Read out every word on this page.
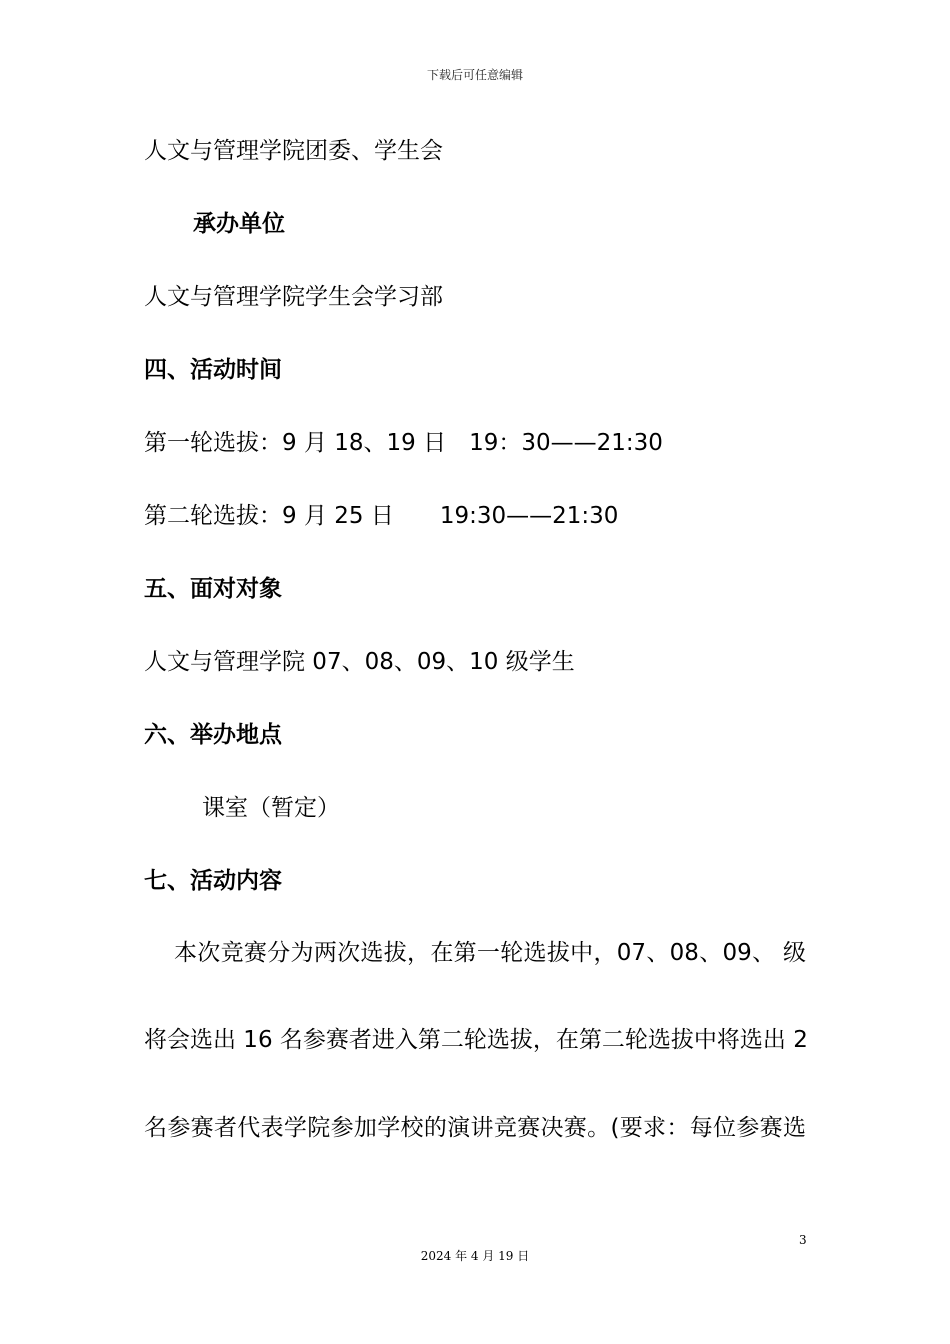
下载后可任意编辑
人文与管理学院团委、学生会
承办单位
人文与管理学院学生会学习部
四、活动时间
第一轮选拔：9 月 18、19 日　19：30——21:30
第二轮选拔：9 月 25 日　　19:30——21:30
五、面对对象
人文与管理学院 07、08、09、10 级学生
六、举办地点
课室（暂定）
七、活动内容
本次竞赛分为两次选拔，在第一轮选拔中，07、08、09、 级
将会选出 16 名参赛者进入第二轮选拔，在第二轮选拔中将选出 2
名参赛者代表学院参加学校的演讲竞赛决赛。(要求：每位参赛选
3
2024 年 4 月 19 日
